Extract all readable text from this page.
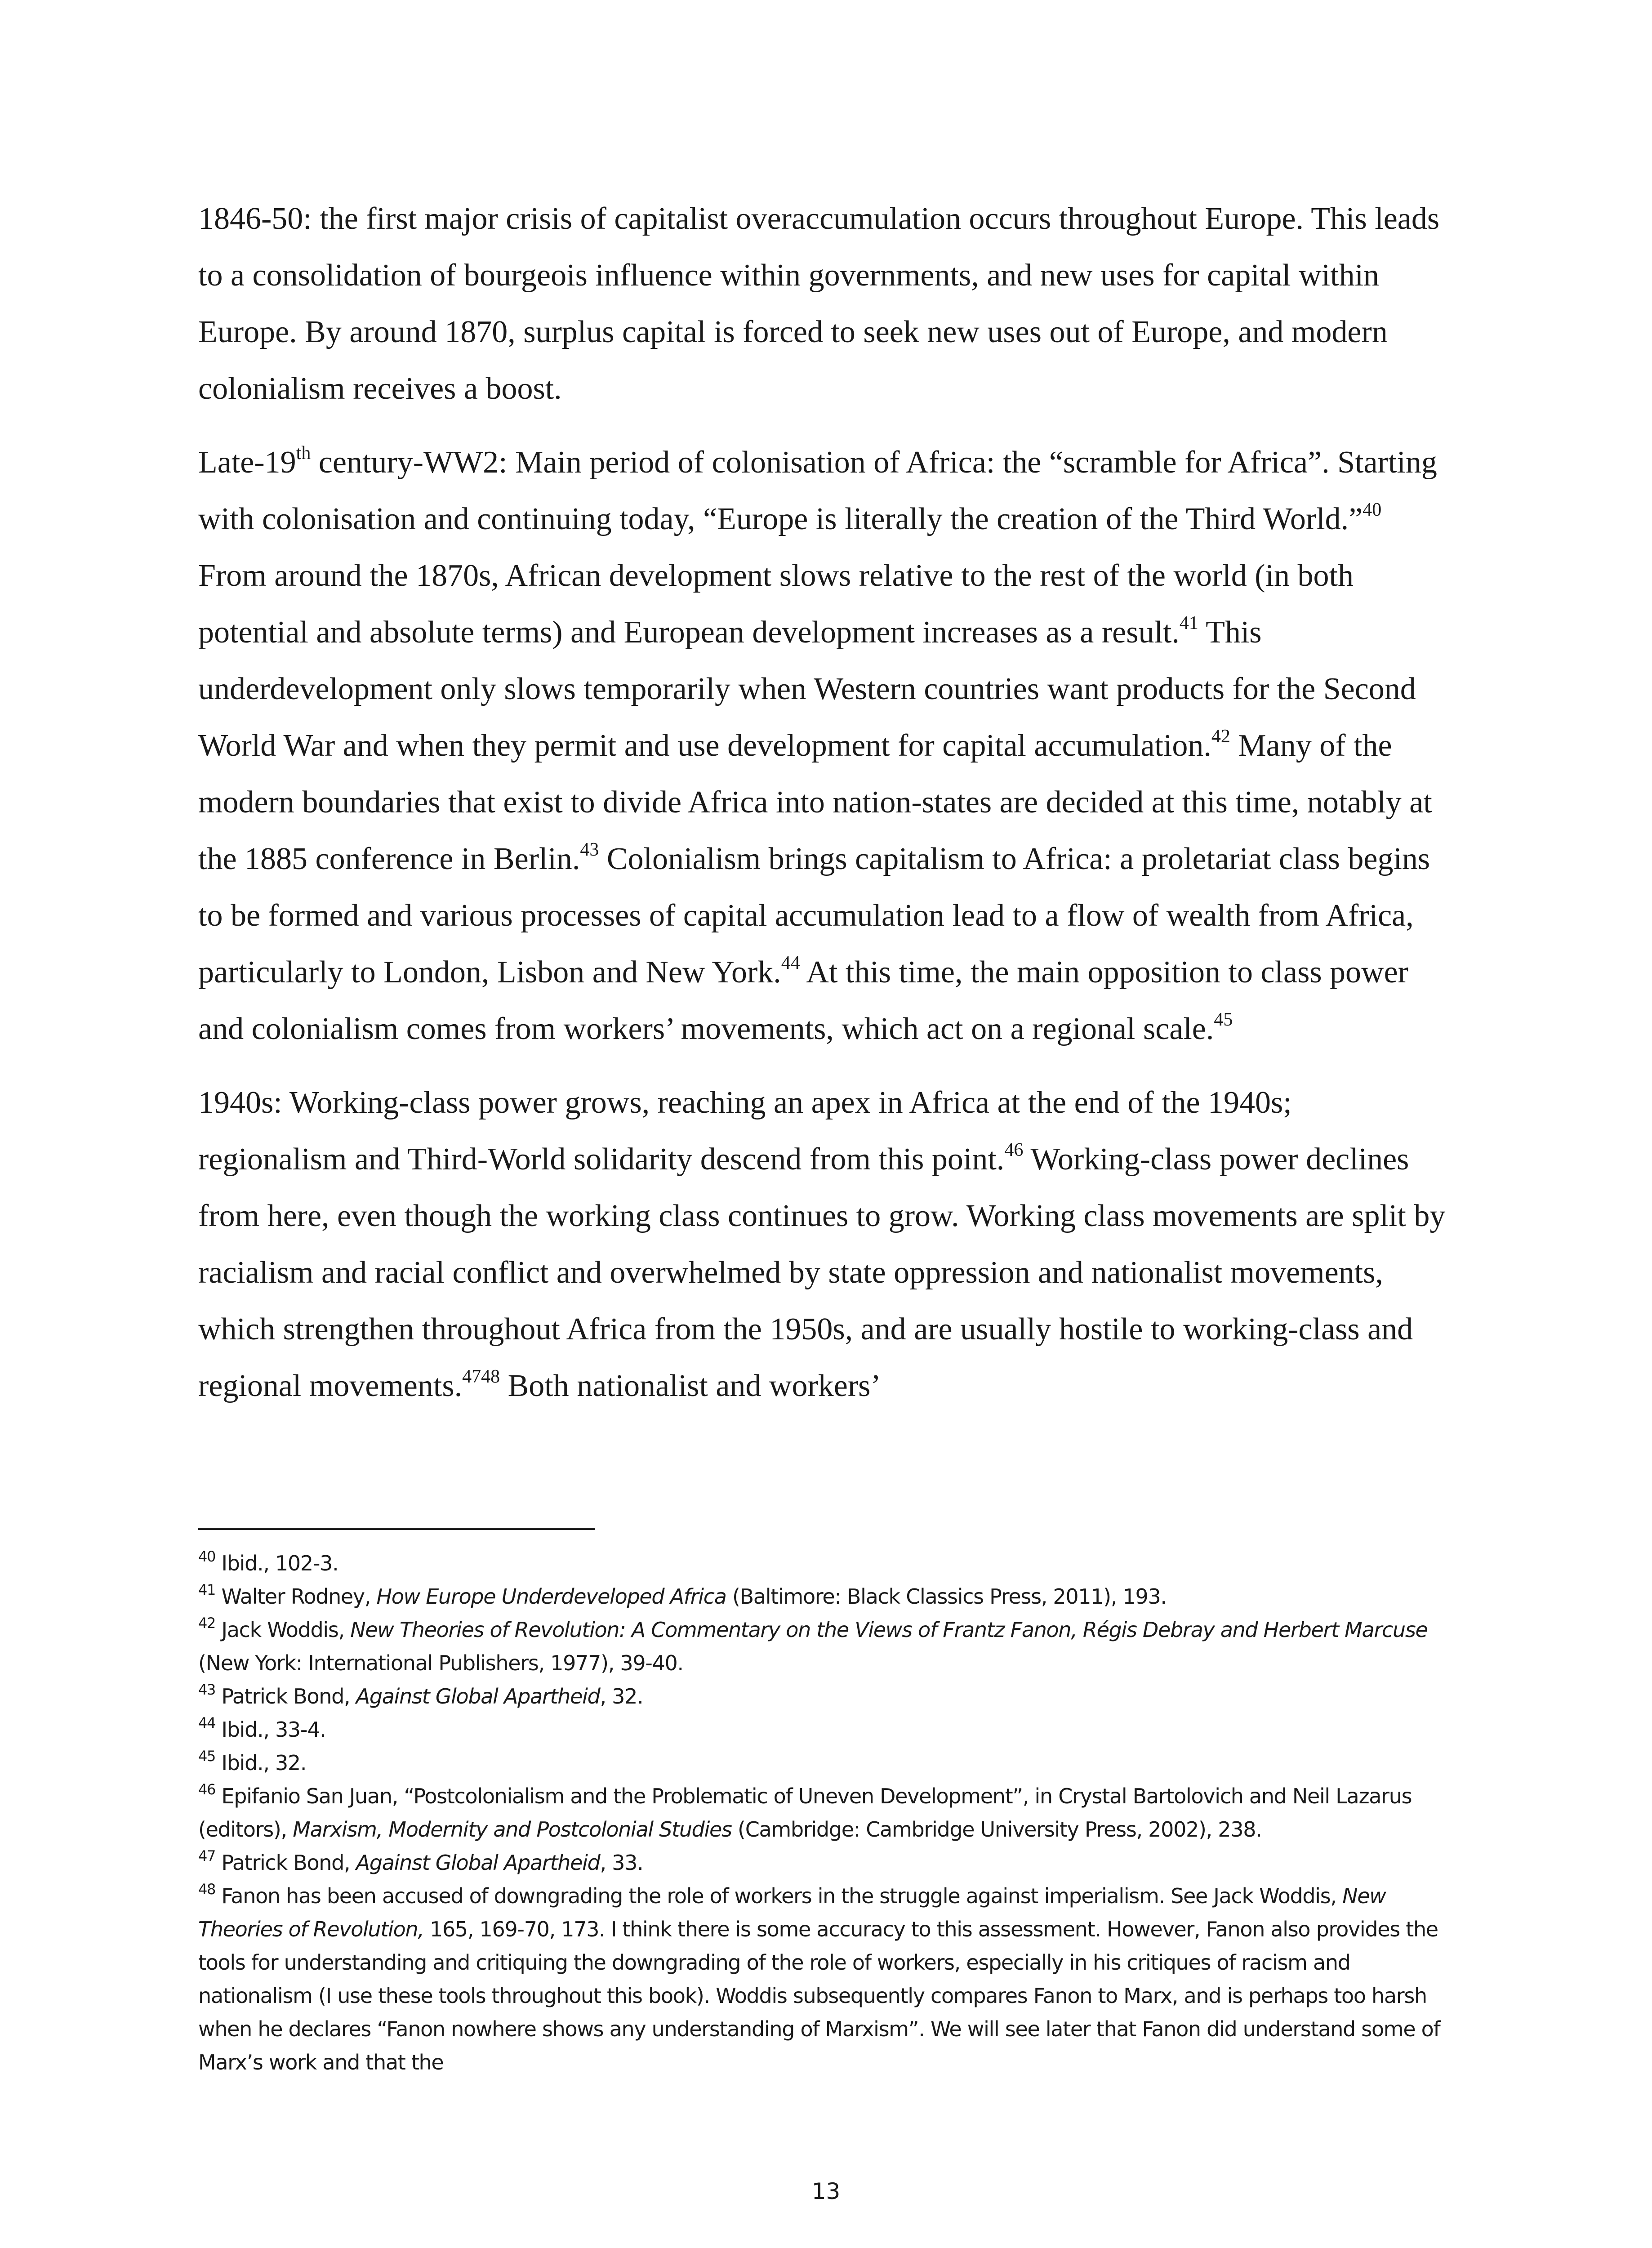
1846-50: the first major crisis of capitalist overaccumulation occurs throughout Europe. This leads to a consolidation of bourgeois influence within governments, and new uses for capital within Europe. By around 1870, surplus capital is forced to seek new uses out of Europe, and modern colonialism receives a boost.

Late-19th century-WW2: Main period of colonisation of Africa: the “scramble for Africa”. Starting with colonisation and continuing today, “Europe is literally the creation of the Third World.”$^{40}$ From around the 1870s, African development slows relative to the rest of the world (in both potential and absolute terms) and European development increases as a result.$^{41}$ This underdevelopment only slows temporarily when Western countries want products for the Second World War and when they permit and use development for capital accumulation.$^{42}$ Many of the modern boundaries that exist to divide Africa into nation-states are decided at this time, notably at the 1885 conference in Berlin.$^{43}$ Colonialism brings capitalism to Africa: a proletariat class begins to be formed and various processes of capital accumulation lead to a flow of wealth from Africa, particularly to London, Lisbon and New York.$^{44}$ At this time, the main opposition to class power and colonialism comes from workers’ movements, which act on a regional scale.$^{45}$

1940s: Working-class power grows, reaching an apex in Africa at the end of the 1940s; regionalism and Third-World solidarity descend from this point.$^{46}$ Working-class power declines from here, even though the working class continues to grow. Working class movements are split by racialism and racial conflict and overwhelmed by state oppression and nationalist movements, which strengthen throughout Africa from the 1950s, and are usually hostile to working-class and regional movements.$^{4748}$ Both nationalist and workers’

$^{40}$ Ibid., 102-3.

$^{41}$ Walter Rodney, How Europe Underdeveloped Africa (Baltimore: Black Classics Press, 2011), 193.

$^{42}$ Jack Woddis, New Theories of Revolution: A Commentary on the Views of Frantz Fanon, Régis Debray and Herbert Marcuse (New York: International Publishers, 1977), 39-40.

$^{43}$ Patrick Bond, Against Global Apartheid, 32.

$^{44}$ Ibid., 33-4.

$^{45}$ Ibid., 32.

$^{46}$ Epifanio San Juan, “Postcolonialism and the Problematic of Uneven Development”, in Crystal Bartolovich and Neil Lazarus (editors), Marxism, Modernity and Postcolonial Studies (Cambridge: Cambridge University Press, 2002), 238.

$^{47}$ Patrick Bond, Against Global Apartheid, 33.

$^{48}$ Fanon has been accused of downgrading the role of workers in the struggle against imperialism. See Jack Woddis, New Theories of Revolution, 165, 169-70, 173. I think there is some accuracy to this assessment. However, Fanon also provides the tools for understanding and critiquing the downgrading of the role of workers, especially in his critiques of racism and nationalism (I use these tools throughout this book). Woddis subsequently compares Fanon to Marx, and is perhaps too harsh when he declares “Fanon nowhere shows any understanding of Marxism”. We will see later that Fanon did understand some of Marx’s work and that the

13
